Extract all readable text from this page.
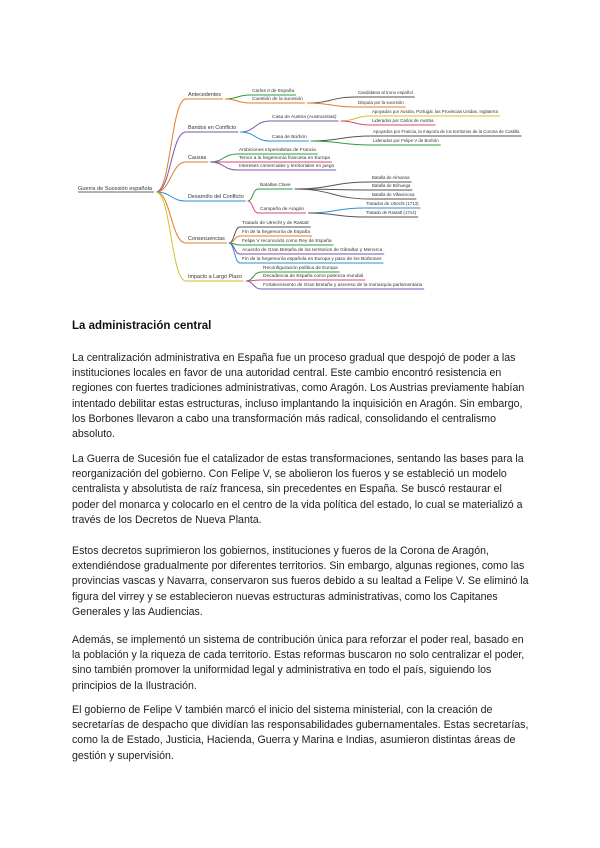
Guerra de Sucesión española
Antecedentes
Carlos II de España
Cuestión de la sucesión
Candidatos al trono español
Disputa por la sucesión
Bandos en Conflicto
Casa de Austria (Austracistas)
Apoyados por Austria, Portugal, las Provincias Unidas, Inglaterra
Liderados por Carlos de Austria
Casa de Borbón
Apoyados por Francia, la mayoría de los territorios de la Corona de Castilla
Liderados por Felipe V de Borbón
Causas
Ambiciones imperialistas de Francia
Temor a la hegemonía francesa en Europa
Intereses comerciales y territoriales en juego
Desarrollo del Conflicto
Batallas Clave
Batalla de Almansa
Batalla de Brihuega
Batalla de Villaviciosa
Campaña de Aragón
Tratados de Utrecht (1713)
Tratado de Rastatt (1714)
Consecuencias
Tratado de Utrecht y de Rastatt
Fin de la hegemonía de España
Felipe V reconocido como Rey de España
Acuerdo de Gran Bretaña de los territorios de Gibraltar y Menorca
Fin de la hegemonía española en Europa y paso de los Borbones
Impacto a Largo Plazo
Reconfiguración política de Europa
Decadencia de España como potencia mundial
Fortalecimiento de Gran Bretaña y ascenso de la monarquía parlamentaria
La administración central

La centralización administrativa en España fue un proceso gradual que despojó de poder a las instituciones locales en favor de una autoridad central. Este cambio encontró resistencia en regiones con fuertes tradiciones administrativas, como Aragón. Los Austrias previamente habían intentado debilitar estas estructuras, incluso implantando la inquisición en Aragón. Sin embargo, los Borbones llevaron a cabo una transformación más radical, consolidando el centralismo absoluto.

La Guerra de Sucesión fue el catalizador de estas transformaciones, sentando las bases para la reorganización del gobierno. Con Felipe V, se abolieron los fueros y se estableció un modelo centralista y absolutista de raíz francesa, sin precedentes en España. Se buscó restaurar el poder del monarca y colocarlo en el centro de la vida política del estado, lo cual se materializó a través de los Decretos de Nueva Planta.

Estos decretos suprimieron los gobiernos, instituciones y fueros de la Corona de Aragón, extendiéndose gradualmente por diferentes territorios. Sin embargo, algunas regiones, como las provincias vascas y Navarra, conservaron sus fueros debido a su lealtad a Felipe V. Se eliminó la figura del virrey y se establecieron nuevas estructuras administrativas, como los Capitanes Generales y las Audiencias.

Además, se implementó un sistema de contribución única para reforzar el poder real, basado en la población y la riqueza de cada territorio. Estas reformas buscaron no solo centralizar el poder, sino también promover la uniformidad legal y administrativa en todo el país, siguiendo los principios de la Ilustración.

El gobierno de Felipe V también marcó el inicio del sistema ministerial, con la creación de secretarías de despacho que dividían las responsabilidades gubernamentales. Estas secretarías, como la de Estado, Justicia, Hacienda, Guerra y Marina e Indias, asumieron distintas áreas de gestión y supervisión.
